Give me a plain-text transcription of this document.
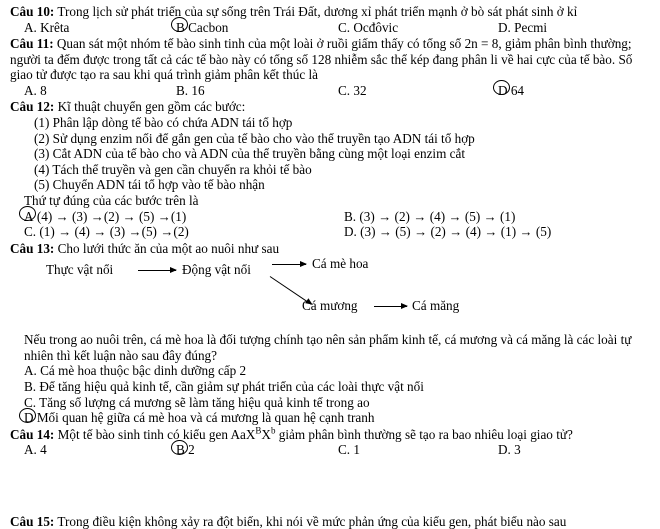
Câu 10: Trong lịch sử phát triển của sự sống trên Trái Đất, dương xỉ phát triển mạnh ở bò sát phát sinh ở kỉ
A. Krêta	B Cacbon	C. Ocđôvic	D. Pecmi
Câu 11: Quan sát một nhóm tế bào sinh tinh của một loài ở ruồi giấm thấy có tổng số 2n = 8, giảm phân bình thường; người ta đếm được trong tất cả các tế bào này có tổng số 128 nhiễm sắc thể kép đang phân li về hai cực của tế bào. Số giao tử được tạo ra sau khi quá trình giảm phân kết thúc là
A. 8	B. 16	C. 32	D 64
Câu 12: Kĩ thuật chuyển gen gồm các bước:
(1) Phân lập dòng tế bào có chứa ADN tái tổ hợp
(2) Sử dụng enzim nối để gắn gen của tế bào cho vào thể truyền tạo ADN tái tổ hợp
(3) Cắt ADN của tế bào cho và ADN của thể truyền bằng cùng một loại enzim cắt
(4) Tách thể truyền và gen cần chuyển ra khỏi tế bào
(5) Chuyển ADN tái tổ hợp vào tế bào nhận
Thứ tự đúng của các bước trên là
A (4) → (3) →(2) → (5) →(1)	B. (3) → (2) → (4) → (5) → (1)
C. (1) → (4) → (3) →(5) →(2)	D. (3) → (5) → (2) → (4) → (1) → (5)
Câu 13: Cho lưới thức ăn của một ao nuôi như sau
Thực vật nổi	Động vật nổi	Cá mè hoa
Cá mương	Cá măng
Nếu trong ao nuôi trên, cá mè hoa là đối tượng chính tạo nên sản phẩm kinh tế, cá mương và cá măng là các loài tự nhiên thì kết luận nào sau đây đúng?
A. Cá mè hoa thuộc bậc dinh dưỡng cấp 2
B. Để tăng hiệu quả kinh tế, cần giảm sự phát triển của các loài thực vật nổi
C. Tăng số lượng cá mương sẽ làm tăng hiệu quả kinh tế trong ao
D Mối quan hệ giữa cá mè hoa và cá mương là quan hệ cạnh tranh
Câu 14: Một tế bào sinh tinh có kiểu gen $AaX^BX^b$ giảm phân bình thường sẽ tạo ra bao nhiêu loại giao tử?
A. 4	B 2	C. 1	D. 3
Câu 15: Trong điều kiện không xảy ra đột biến, khi nói về mức phản ứng của kiểu gen, phát biểu nào sau
